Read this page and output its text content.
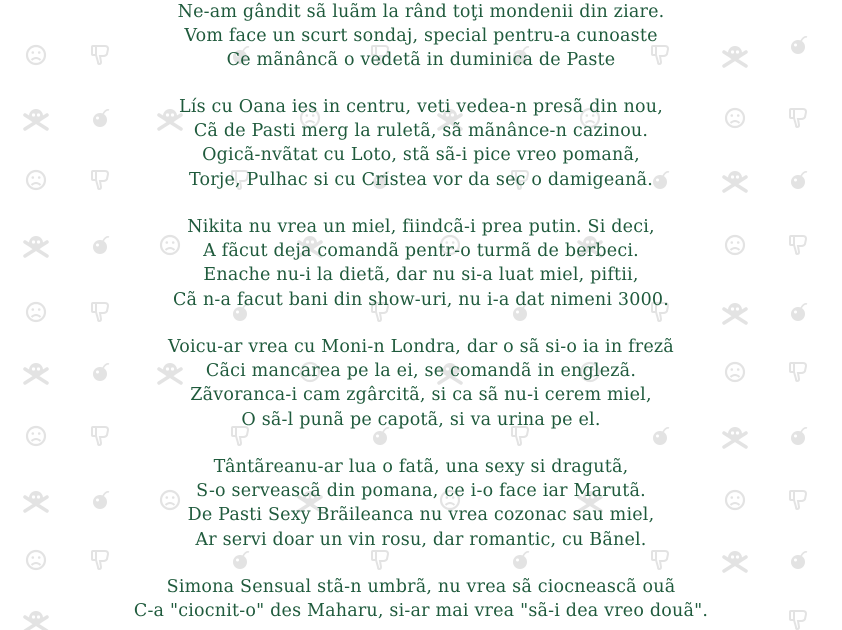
Ne-am gândit sã luãm la rând toţi mondenii din ziare.
Vom face un scurt sondaj, special pentru-a cunoaste
Ce mãnâncã o vedetã in duminica de Paste
Lís cu Oana ies in centru, veti vedea-n presã din nou,
Cã de Pasti merg la ruletã, sã mãnânce-n cazinou.
Ogicã-nvãtat cu Loto, stã sã-i pice vreo pomanã,
Torje, Pulhac si cu Cristea vor da sec o damigeanã.
Nikita nu vrea un miel, fiindcã-i prea putin. Si deci,
A fãcut deja comandã pentr-o turmã de berbeci.
Enache nu-i la dietã, dar nu si-a luat miel, piftii,
Cã n-a facut bani din show-uri, nu i-a dat nimeni 3000.
Voicu-ar vrea cu Moni-n Londra, dar o sã si-o ia in frezã
Cãci mancarea pe la ei, se comandã in englezã.
Zãvoranca-i cam zgârcitã, si ca sã nu-i cerem miel,
O sã-l punã pe capotã, si va urina pe el.
Tântãreanu-ar lua o fatã, una sexy si dragutã,
S-o serveascã din pomana, ce i-o face iar Marutã.
De Pasti Sexy Brãileanca nu vrea cozonac sau miel,
Ar servi doar un vin rosu, dar romantic, cu Bãnel.
Simona Sensual stã-n umbrã, nu vrea sã ciocneascã ouã
C-a "ciocnit-o" des Maharu, si-ar mai vrea "sã-i dea vreo douã".
